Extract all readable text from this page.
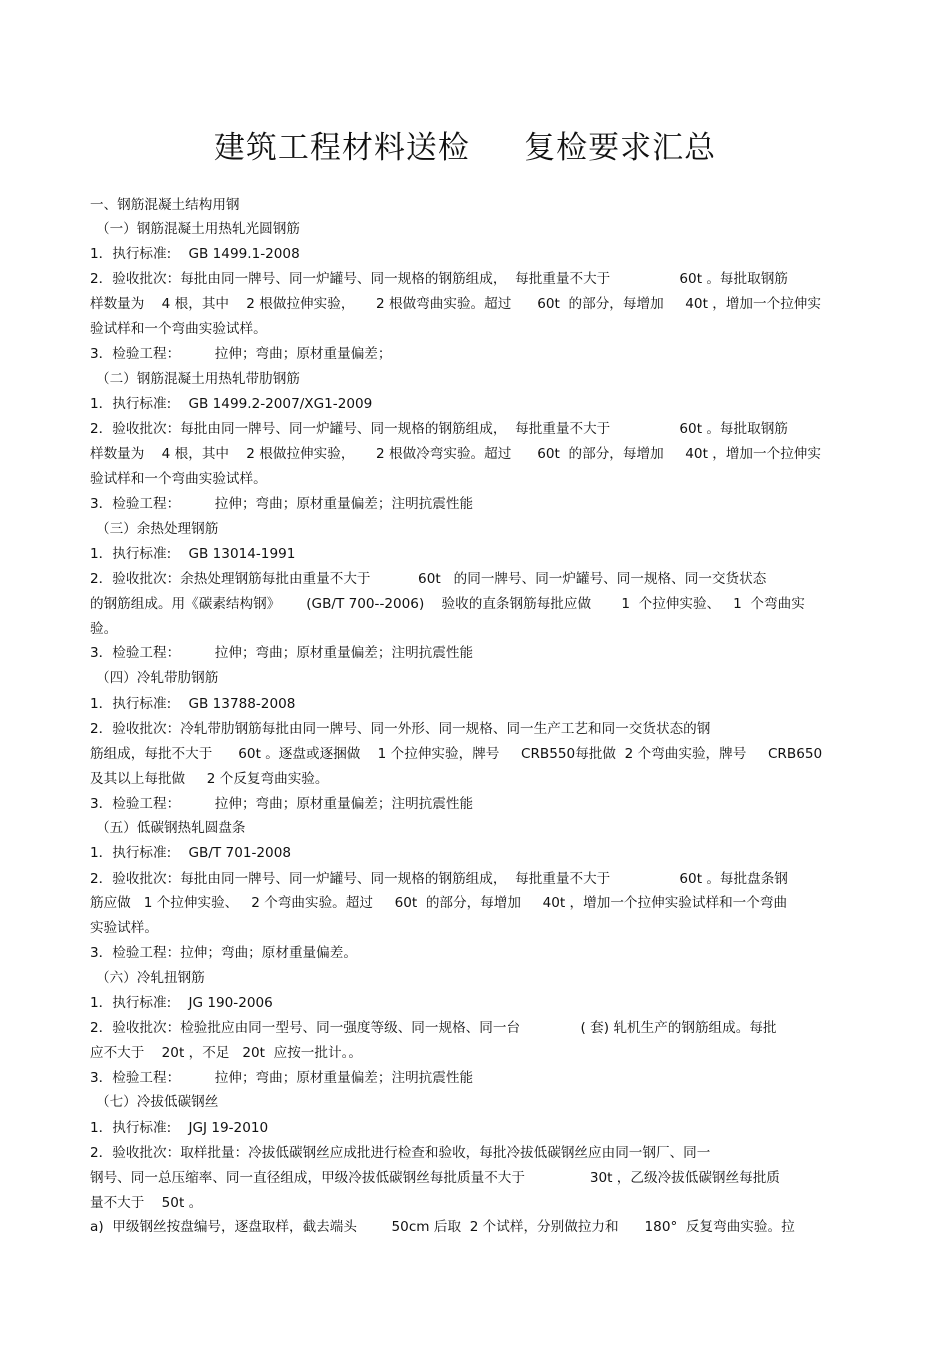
建筑工程材料送检     复检要求汇总
一、钢筋混凝土结构用钢
（一）钢筋混凝土用热轧光圆钢筋
1．执行标准:    GB 1499.1-2008
2．验收批次：每批由同一牌号、同一炉罐号、同一规格的钢筋组成，  每批重量不大于                60t 。每批取钢筋
样数量为    4 根，其中    2 根做拉伸实验，     2 根做弯曲实验。超过      60t  的部分，每增加     40t ，增加一个拉伸实
验试样和一个弯曲实验试样。
3．检验工程：        拉伸；弯曲；原材重量偏差；
（二）钢筋混凝土用热轧带肋钢筋
1．执行标准:    GB 1499.2-2007/XG1-2009
2．验收批次：每批由同一牌号、同一炉罐号、同一规格的钢筋组成，  每批重量不大于                60t 。每批取钢筋
样数量为    4 根，其中    2 根做拉伸实验，     2 根做冷弯实验。超过      60t  的部分，每增加     40t ，增加一个拉伸实
验试样和一个弯曲实验试样。
3．检验工程：        拉伸；弯曲；原材重量偏差；注明抗震性能
（三）余热处理钢筋
1．执行标准:    GB 13014-1991
2．验收批次：余热处理钢筋每批由重量不大于           60t   的同一牌号、同一炉罐号、同一规格、同一交货状态
的钢筋组成。用《碳素结构钢》      (GB/T 700--2006)    验收的直条钢筋每批应做       1  个拉伸实验、   1  个弯曲实
验。
3．检验工程：        拉伸；弯曲；原材重量偏差；注明抗震性能
（四）冷轧带肋钢筋
1．执行标准:    GB 13788-2008
2．验收批次：冷轧带肋钢筋每批由同一牌号、同一外形、同一规格、同一生产工艺和同一交货状态的钢
筋组成，每批不大于      60t 。逐盘或逐捆做    1 个拉伸实验，牌号     CRB550每批做  2 个弯曲实验，牌号     CRB650
及其以上每批做     2 个反复弯曲实验。
3．检验工程：        拉伸；弯曲；原材重量偏差；注明抗震性能
（五）低碳钢热轧圆盘条
1．执行标准:    GB/T 701-2008
2．验收批次：每批由同一牌号、同一炉罐号、同一规格的钢筋组成，  每批重量不大于                60t 。每批盘条钢
筋应做   1 个拉伸实验、   2 个弯曲实验。超过     60t  的部分，每增加     40t ，增加一个拉伸实验试样和一个弯曲
实验试样。
3．检验工程：拉伸；弯曲；原材重量偏差。
（六）冷轧扭钢筋
1．执行标准:    JG 190-2006
2．验收批次：检验批应由同一型号、同一强度等级、同一规格、同一台              ( 套) 轧机生产的钢筋组成。每批
应不大于    20t ，不足   20t  应按一批计。。
3．检验工程：        拉伸；弯曲；原材重量偏差；注明抗震性能
（七）冷拔低碳钢丝
1．执行标准:    JGJ 19-2010
2．验收批次：取样批量：冷拔低碳钢丝应成批进行检查和验收，每批冷拔低碳钢丝应由同一钢厂、同一
钢号、同一总压缩率、同一直径组成，甲级冷拔低碳钢丝每批质量不大于               30t ，乙级冷拔低碳钢丝每批质
量不大于    50t 。
a)  甲级钢丝按盘编号，逐盘取样，截去端头        50cm 后取  2 个试样，分别做拉力和      180°  反复弯曲实验。拉
